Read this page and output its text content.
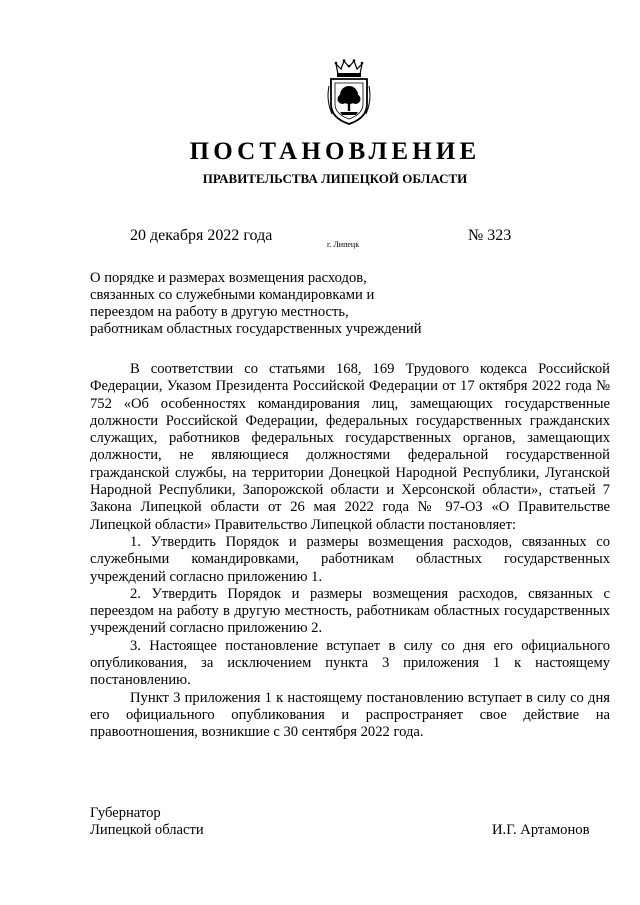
ПОСТАНОВЛЕНИЕ
ПРАВИТЕЛЬСТВА ЛИПЕЦКОЙ ОБЛАСТИ
20 декабря 2022 года
г. Липецк
№ 323
О порядке и размерах возмещения расходов,
связанных со служебными командировками и
переездом на работу в другую местность,
работникам областных государственных учреждений

В соответствии со статьями 168, 169 Трудового кодекса Российской Федерации, Указом Президента Российской Федерации от 17 октября 2022 года № 752 «Об особенностях командирования лиц, замещающих государственные должности Российской Федерации, федеральных государственных гражданских служащих, работников федеральных государственных органов, замещающих должности, не являющиеся должностями федеральной государственной гражданской службы, на территории Донецкой Народной Республики, Луганской Народной Республики, Запорожской области и Херсонской области», статьей 7 Закона Липецкой области от 26 мая 2022 года № 97-ОЗ «О Правительстве Липецкой области» Правительство Липецкой области постановляет:

1. Утвердить Порядок и размеры возмещения расходов, связанных со служебными командировками, работникам областных государственных учреждений согласно приложению 1.

2. Утвердить Порядок и размеры возмещения расходов, связанных с переездом на работу в другую местность, работникам областных государственных учреждений согласно приложению 2.

3. Настоящее постановление вступает в силу со дня его официального опубликования, за исключением пункта 3 приложения 1 к настоящему постановлению.

Пункт 3 приложения 1 к настоящему постановлению вступает в силу со дня его официального опубликования и распространяет свое действие на правоотношения, возникшие с 30 сентября 2022 года.

Губернатор
Липецкой области	И.Г. Артамонов
